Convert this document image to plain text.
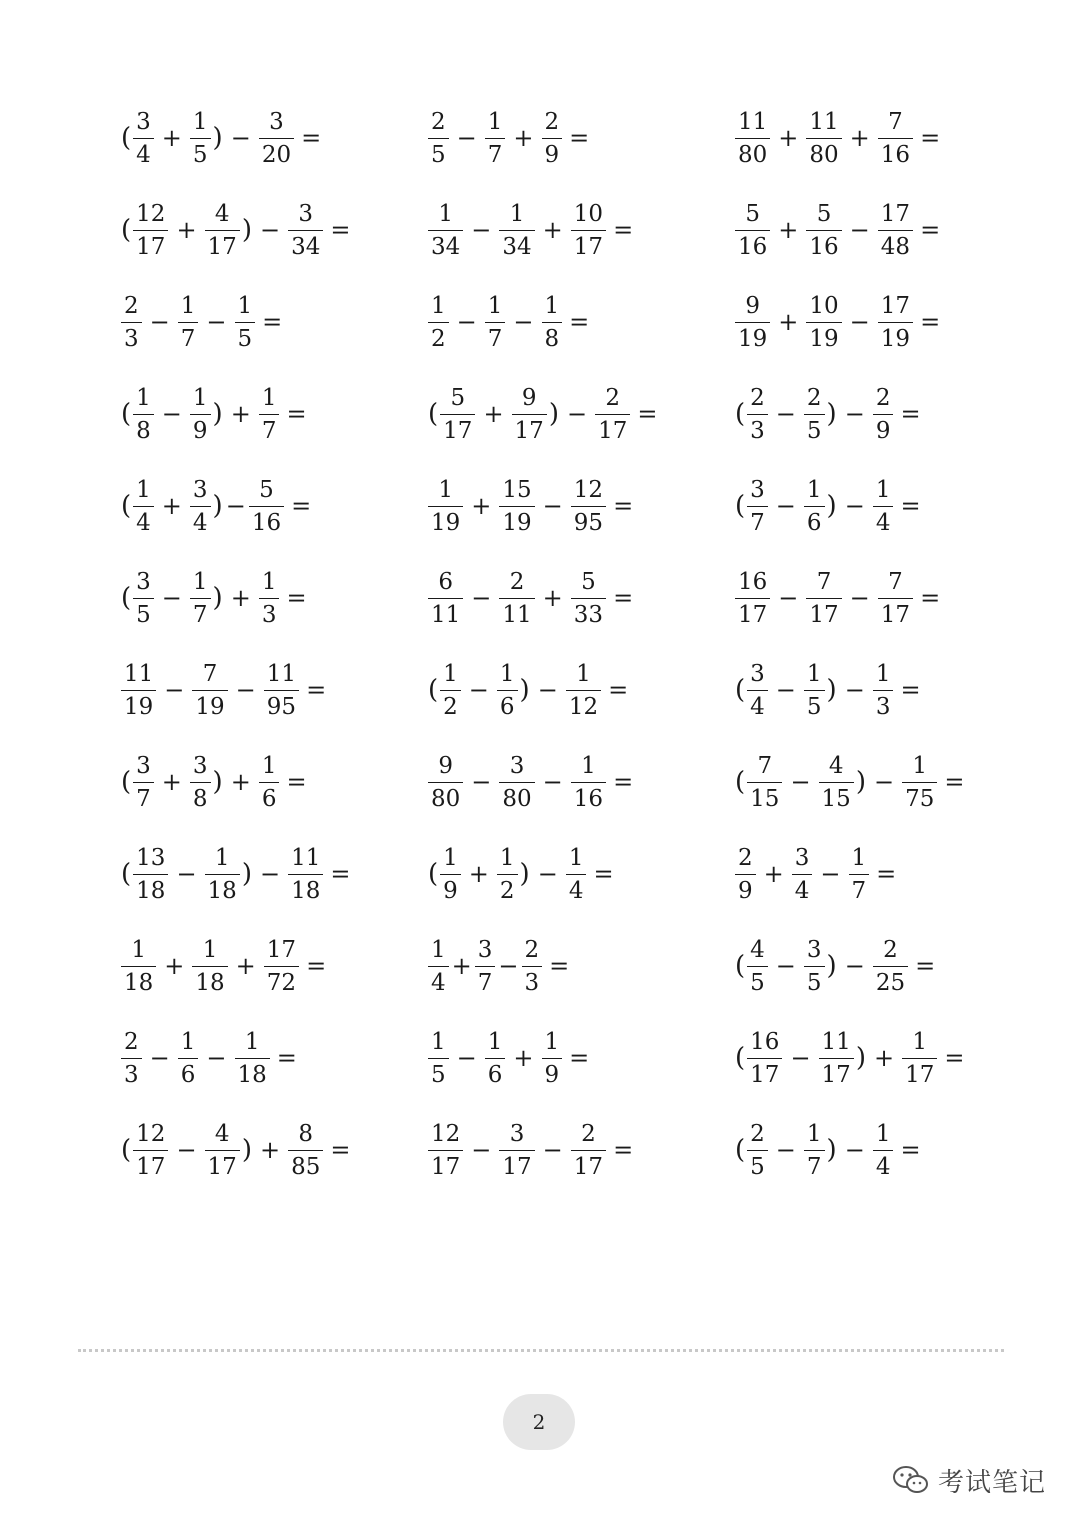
( $\frac{3}{4} + \frac{1}{5}$ ) − $\frac{3}{20}$ =	$\frac{2}{5} - \frac{1}{7} + \frac{2}{9}$ =	$\frac{11}{80} + \frac{11}{80} + \frac{7}{16}$ =
( $\frac{12}{17} + \frac{4}{17}$ ) − $\frac{3}{34}$ =	$\frac{1}{34} - \frac{1}{34} + \frac{10}{17}$ =	$\frac{5}{16} + \frac{5}{16} - \frac{17}{48}$ =
$\frac{2}{3} - \frac{1}{7} - \frac{1}{5}$ =	$\frac{1}{2} - \frac{1}{7} - \frac{1}{8}$ =	$\frac{9}{19} + \frac{10}{19} - \frac{17}{19}$ =
( $\frac{1}{8} - \frac{1}{9}$ ) + $\frac{1}{7}$ =	( $\frac{5}{17} + \frac{9}{17}$ ) − $\frac{2}{17}$ =	( $\frac{2}{3} - \frac{2}{5}$ ) − $\frac{2}{9}$ =
( $\frac{1}{4} + \frac{3}{4}$ ) − $\frac{5}{16}$ =	$\frac{1}{19} + \frac{15}{19} - \frac{12}{95}$ =	( $\frac{3}{7} - \frac{1}{6}$ ) − $\frac{1}{4}$ =
( $\frac{3}{5} - \frac{1}{7}$ ) + $\frac{1}{3}$ =	$\frac{6}{11} - \frac{2}{11} + \frac{5}{33}$ =	$\frac{16}{17} - \frac{7}{17} - \frac{7}{17}$ =
$\frac{11}{19} - \frac{7}{19} - \frac{11}{95}$ =	( $\frac{1}{2} - \frac{1}{6}$ ) − $\frac{1}{12}$ =	( $\frac{3}{4} - \frac{1}{5}$ ) − $\frac{1}{3}$ =
( $\frac{3}{7} + \frac{3}{8}$ ) + $\frac{1}{6}$ =	$\frac{9}{80} - \frac{3}{80} - \frac{1}{16}$ =	( $\frac{7}{15} - \frac{4}{15}$ ) − $\frac{1}{75}$ =
( $\frac{13}{18} - \frac{1}{18}$ ) − $\frac{11}{18}$ =	( $\frac{1}{9} + \frac{1}{2}$ ) − $\frac{1}{4}$ =	$\frac{2}{9} + \frac{3}{4} - \frac{1}{7}$ =
$\frac{1}{18} + \frac{1}{18} + \frac{17}{72}$ =	$\frac{1}{4} + \frac{3}{7} - \frac{2}{3}$ =	( $\frac{4}{5} - \frac{3}{5}$ ) − $\frac{2}{25}$ =
$\frac{2}{3} - \frac{1}{6} - \frac{1}{18}$ =	$\frac{1}{5} - \frac{1}{6} + \frac{1}{9}$ =	( $\frac{16}{17} - \frac{11}{17}$ ) + $\frac{1}{17}$ =
( $\frac{12}{17} - \frac{4}{17}$ ) + $\frac{8}{85}$ =	$\frac{12}{17} - \frac{3}{17} - \frac{2}{17}$ =	( $\frac{2}{5} - \frac{1}{7}$ ) − $\frac{1}{4}$ =
2
考试笔记
